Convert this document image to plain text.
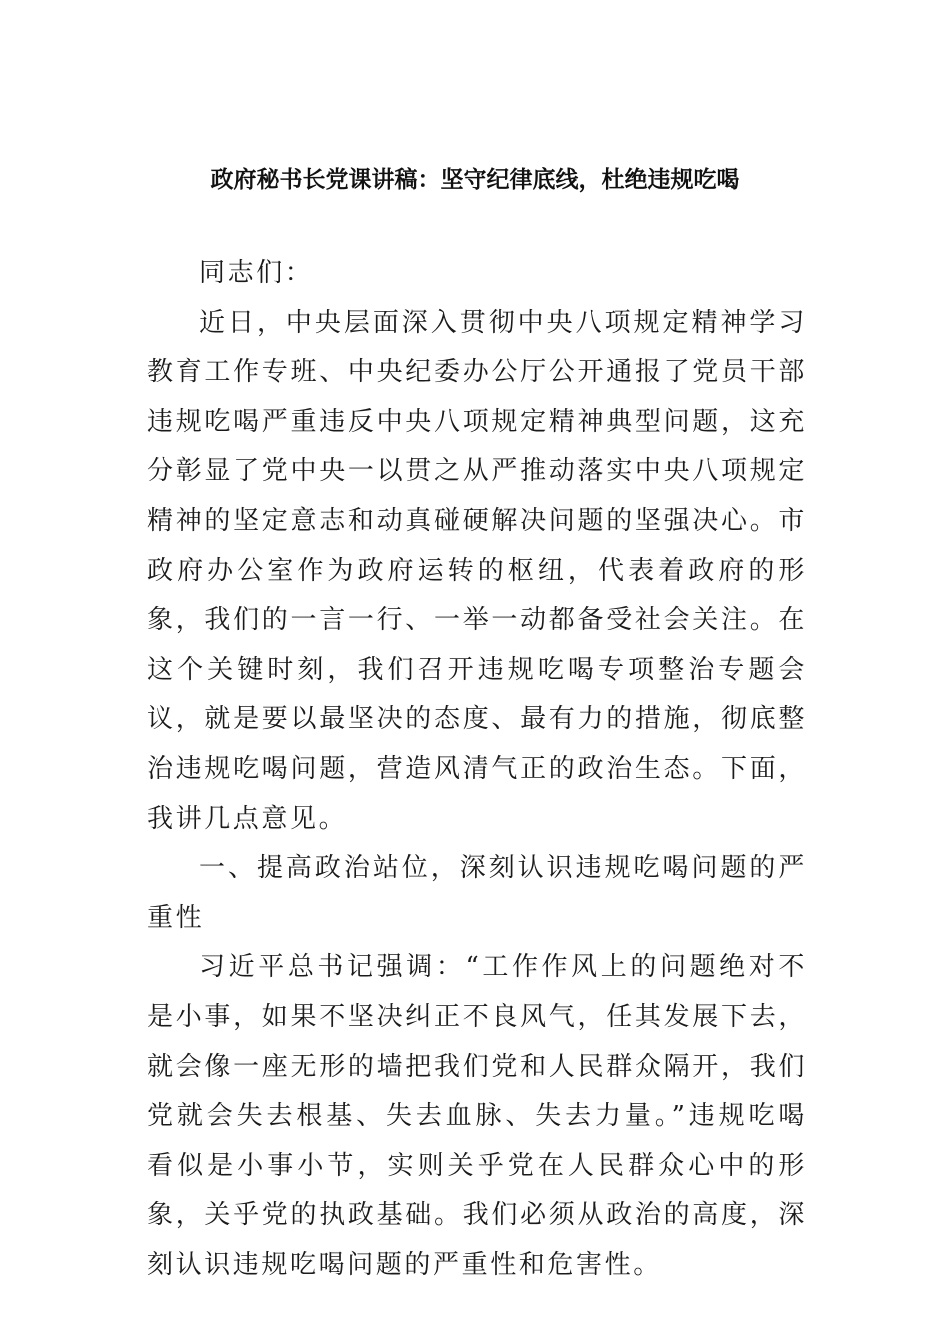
政府秘书长党课讲稿：坚守纪律底线，杜绝违规吃喝

同志们：

近日，中央层面深入贯彻中央八项规定精神学习教育工作专班、中央纪委办公厅公开通报了党员干部违规吃喝严重违反中央八项规定精神典型问题，这充分彰显了党中央一以贯之从严推动落实中央八项规定精神的坚定意志和动真碰硬解决问题的坚强决心。市政府办公室作为政府运转的枢纽，代表着政府的形象，我们的一言一行、一举一动都备受社会关注。在这个关键时刻，我们召开违规吃喝专项整治专题会议，就是要以最坚决的态度、最有力的措施，彻底整治违规吃喝问题，营造风清气正的政治生态。下面，我讲几点意见。

一、提高政治站位，深刻认识违规吃喝问题的严重性

习近平总书记强调：“工作作风上的问题绝对不是小事，如果不坚决纠正不良风气，任其发展下去，就会像一座无形的墙把我们党和人民群众隔开，我们党就会失去根基、失去血脉、失去力量。”违规吃喝看似是小事小节，实则关乎党在人民群众心中的形象，关乎党的执政基础。我们必须从政治的高度，深刻认识违规吃喝问题的严重性和危害性。
